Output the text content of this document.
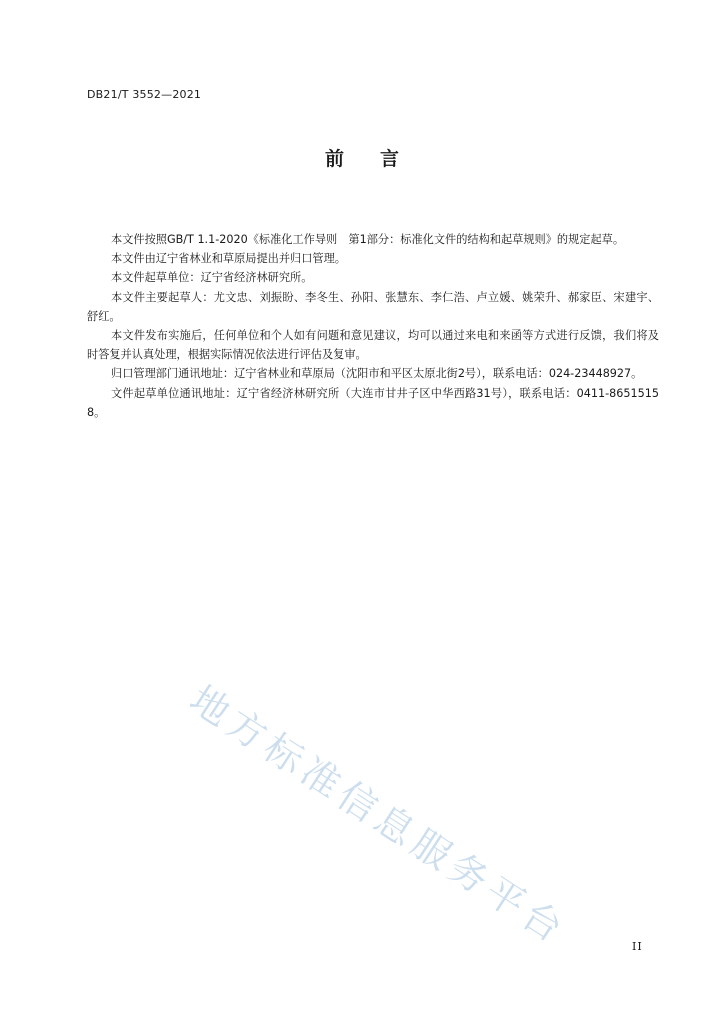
DB21/T 3552—2021
前 言

本文件按照GB/T 1.1-2020《标准化工作导则　第1部分：标准化文件的结构和起草规则》的规定起草。

本文件由辽宁省林业和草原局提出并归口管理。

本文件起草单位：辽宁省经济林研究所。

本文件主要起草人：尤文忠、刘振盼、李冬生、孙阳、张慧东、李仁浩、卢立媛、姚荣升、郝家臣、宋建宇、舒红。

本文件发布实施后，任何单位和个人如有问题和意见建议，均可以通过来电和来函等方式进行反馈，我们将及时答复并认真处理，根据实际情况依法进行评估及复审。

归口管理部门通讯地址：辽宁省林业和草原局（沈阳市和平区太原北街2号），联系电话：024-23448927。

文件起草单位通讯地址：辽宁省经济林研究所（大连市甘井子区中华西路31号），联系电话：0411-86515158。

地方标准信息服务平台	II
